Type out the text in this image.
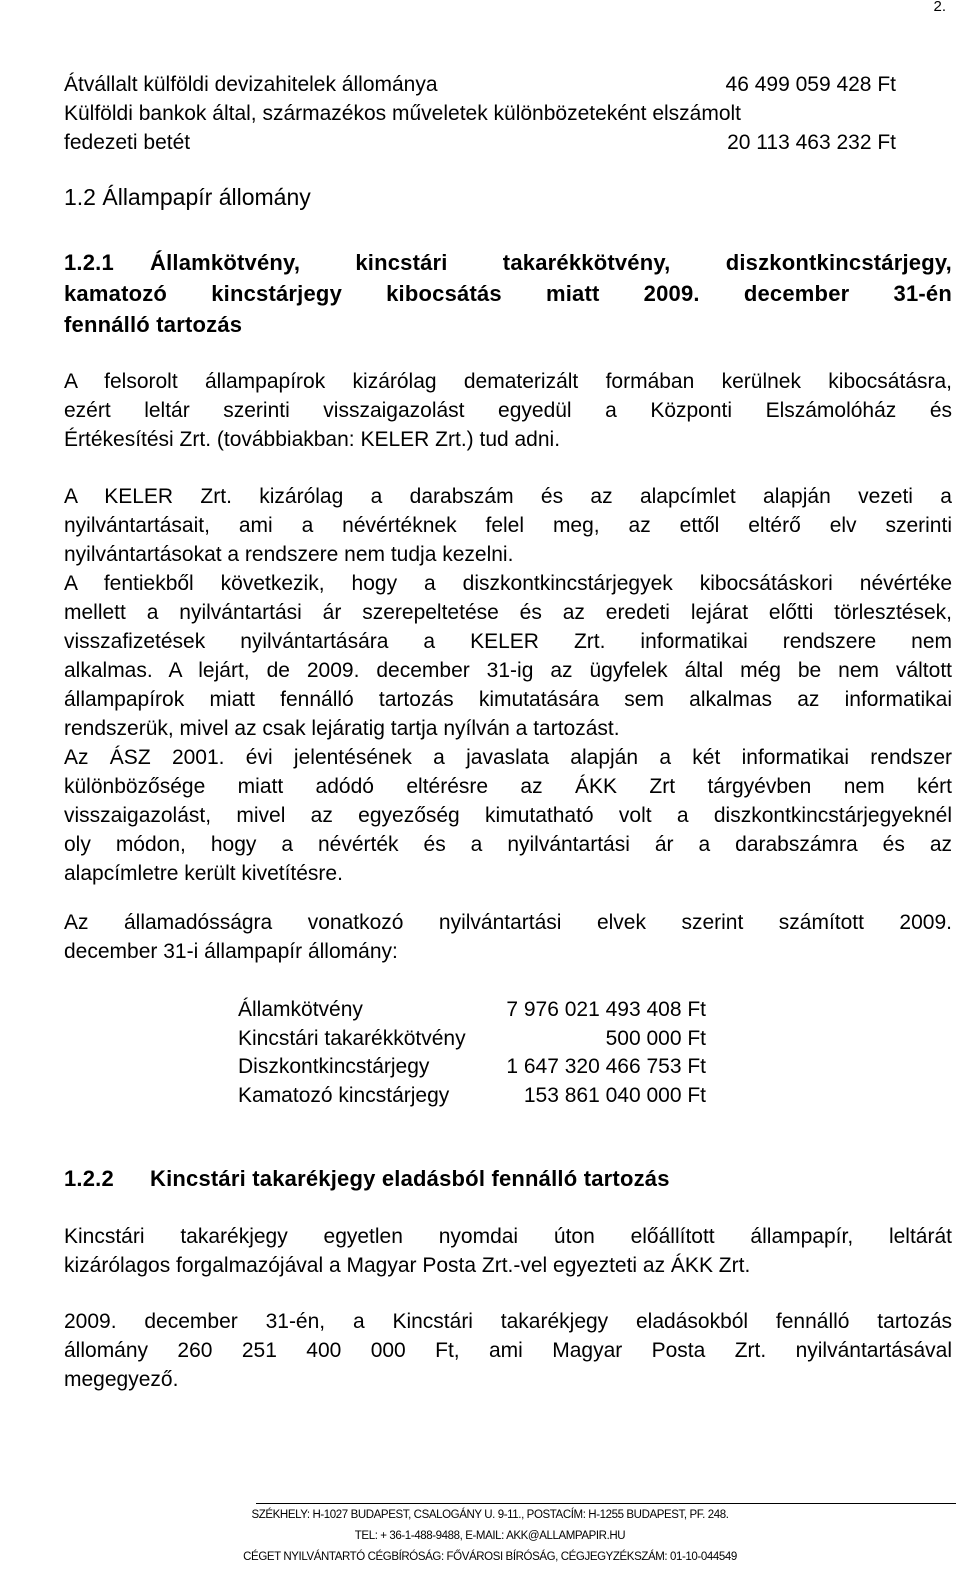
2.
Átvállalt külföldi devizahitelek állománya	46 499 059 428 Ft
Külföldi bankok által, származékos műveletek különbözeteként elszámolt
fedezeti betét	20 113 463 232 Ft
1.2 Állampapír állomány
1.2.1 Államkötvény, kincstári takarékkötvény, diszkontkincstárjegy,
kamatozó kincstárjegy kibocsátás miatt 2009. december 31-én
fennálló tartozás
A felsorolt állampapírok kizárólag dematerizált formában kerülnek kibocsátásra,
ezért leltár szerinti visszaigazolást egyedül a Központi Elszámolóház és
Értékesítési Zrt. (továbbiakban: KELER Zrt.) tud adni.
A KELER Zrt. kizárólag a darabszám és az alapcímlet alapján vezeti a
nyilvántartásait, ami a névértéknek felel meg, az ettől eltérő elv szerinti
nyilvántartásokat a rendszere nem tudja kezelni.
A fentiekből következik, hogy a diszkontkincstárjegyek kibocsátáskori névértéke
mellett a nyilvántartási ár szerepeltetése és az eredeti lejárat előtti törlesztések,
visszafizetések nyilvántartására a KELER Zrt. informatikai rendszere nem
alkalmas. A lejárt, de 2009. december 31-ig az ügyfelek által még be nem váltott
állampapírok miatt fennálló tartozás kimutatására sem alkalmas az informatikai
rendszerük, mivel az csak lejáratig tartja nyílván a tartozást.
Az ÁSZ 2001. évi jelentésének a javaslata alapján a két informatikai rendszer
különbözősége miatt adódó eltérésre az ÁKK Zrt tárgyévben nem kért
visszaigazolást, mivel az egyezőség kimutatható volt a diszkontkincstárjegyeknél
oly módon, hogy a névérték és a nyilvántartási ár a darabszámra és az
alapcímletre került kivetítésre.
Az államadósságra vonatkozó nyilvántartási elvek szerint számított 2009.
december 31-i állampapír állomány:
Államkötvény	7 976 021 493 408 Ft
Kincstári takarékkötvény	500 000 Ft
Diszkontkincstárjegy	1 647 320 466 753 Ft
Kamatozó kincstárjegy	153 861 040 000 Ft
1.2.2 Kincstári takarékjegy eladásból fennálló tartozás
Kincstári takarékjegy egyetlen nyomdai úton előállított állampapír, leltárát
kizárólagos forgalmazójával a Magyar Posta Zrt.-vel egyezteti az ÁKK Zrt.
2009. december 31-én, a Kincstári takarékjegy eladásokból fennálló tartozás
állomány 260 251 400 000 Ft, ami Magyar Posta Zrt. nyilvántartásával
megegyező.
SZÉKHELY: H-1027 BUDAPEST, CSALOGÁNY U. 9-11., POSTACÍM: H-1255 BUDAPEST, PF. 248.
TEL: + 36-1-488-9488, E-MAIL: AKK@ALLAMPAPIR.HU
CÉGET NYILVÁNTARTÓ CÉGBÍRÓSÁG: FŐVÁROSI BÍRÓSÁG, CÉGJEGYZÉKSZÁM: 01-10-044549
